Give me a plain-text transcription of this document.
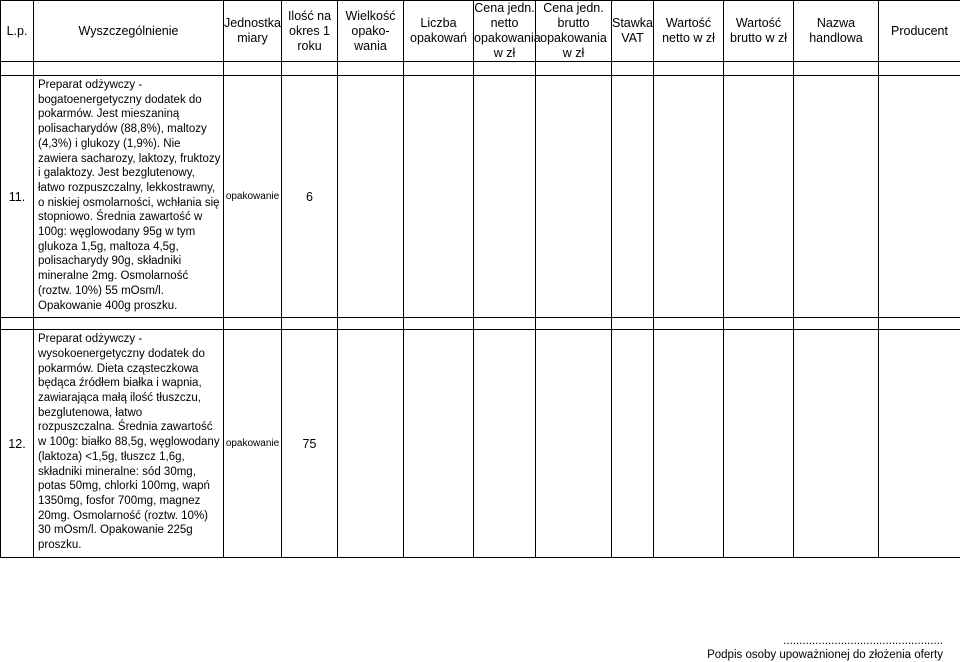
L.p.	Wyszczególnienie	Jednostka miary	Ilość na okres 1 roku	Wielkość opako- wania	Liczba opakowań	Cena jedn. netto opakowania w zł	Cena jedn. brutto opakowania w zł	Stawka VAT	Wartość netto w zł	Wartość brutto w zł	Nazwa handlowa	Producent

11.	Preparat odżywczy - bogatoenergetyczny dodatek do pokarmów. Jest mieszaniną polisacharydów (88,8%), maltozy (4,3%) i glukozy (1,9%). Nie zawiera sacharozy, laktozy, fruktozy i galaktozy. Jest bezglutenowy, łatwo rozpuszczalny, lekkostrawny, o niskiej osmolarności, wchłania się stopniowo. Średnia zawartość w 100g: węglowodany 95g w tym glukoza 1,5g, maltoza 4,5g, polisacharydy 90g, składniki mineralne 2mg. Osmolarność (roztw. 10%) 55 mOsm/l. Opakowanie 400g proszku.	opakowanie	6									

12.	Preparat odżywczy - wysokoenergetyczny dodatek do pokarmów. Dieta cząsteczkowa będąca źródłem białka i wapnia, zawiarająca małą ilość tłuszczu, bezglutenowa, łatwo rozpuszczalna. Średnia zawartość w 100g: białko 88,5g, węglowodany (laktoza) <1,5g, tłuszcz 1,6g, składniki mineralne: sód 30mg, potas 50mg, chlorki 100mg, wapń 1350mg, fosfor 700mg, magnez 20mg. Osmolarność (roztw. 10%) 30 mOsm/l. Opakowanie 225g proszku.	opakowanie	75									
..................................................
Podpis osoby upoważnionej do złożenia oferty
